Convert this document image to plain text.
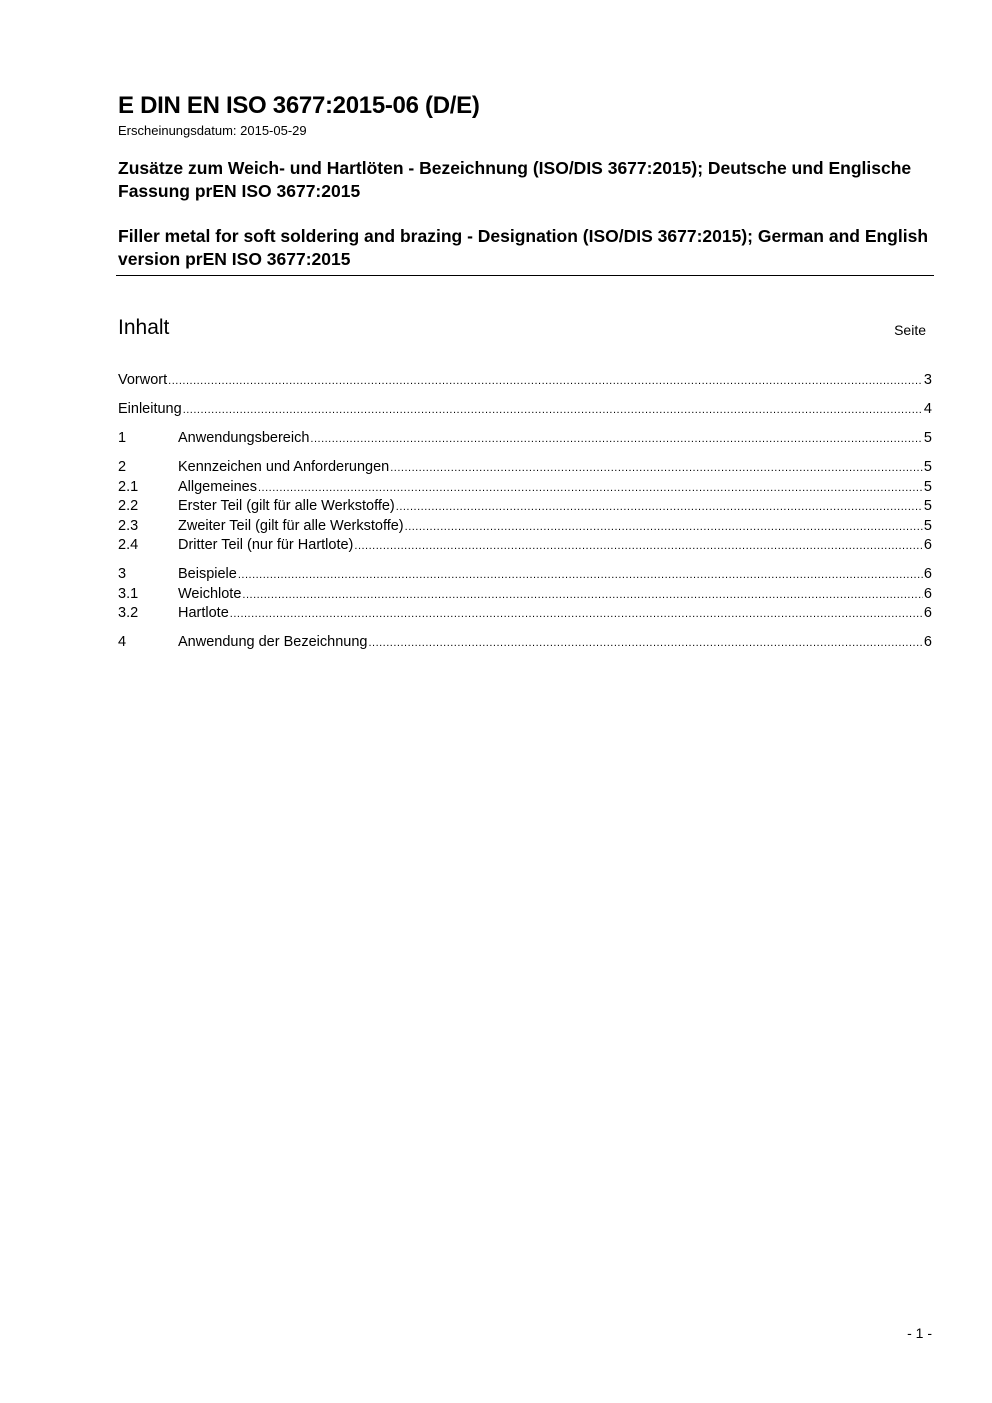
E DIN EN ISO 3677:2015-06 (D/E)
Erscheinungsdatum: 2015-05-29
Zusätze zum Weich- und Hartlöten - Bezeichnung (ISO/DIS 3677:2015); Deutsche und Englische Fassung prEN ISO 3677:2015
Filler metal for soft soldering and brazing - Designation (ISO/DIS 3677:2015); German and English version prEN ISO 3677:2015
Inhalt	Seite
Vorwort .....	3
Einleitung .....	4
1	Anwendungsbereich .....	5
2	Kennzeichen und Anforderungen .....	5
2.1	Allgemeines .....	5
2.2	Erster Teil (gilt für alle Werkstoffe) .....	5
2.3	Zweiter Teil (gilt für alle Werkstoffe) .....	5
2.4	Dritter Teil (nur für Hartlote) .....	6
3	Beispiele .....	6
3.1	Weichlote .....	6
3.2	Hartlote .....	6
4	Anwendung der Bezeichnung .....	6
- 1 -
